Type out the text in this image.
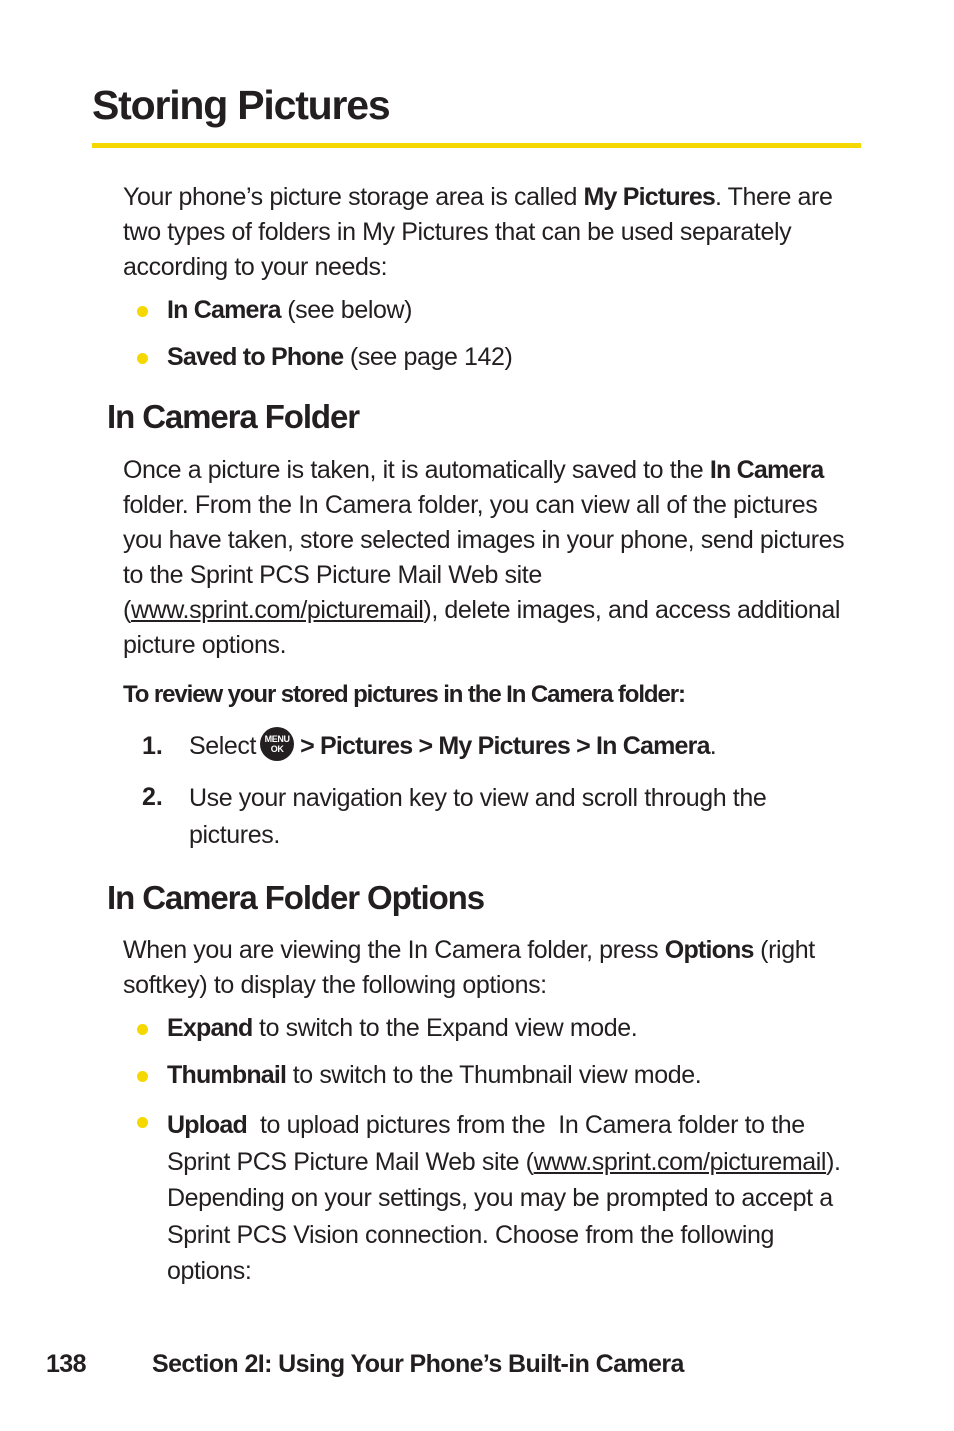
Storing Pictures

Your phone’s picture storage area is called My Pictures. There are two types of folders in My Pictures that can be used separately according to your needs:

In Camera (see below)
Saved to Phone (see page 142)
In Camera Folder

Once a picture is taken, it is automatically saved to the In Camera folder. From the In Camera folder, you can view all of the pictures you have taken, store selected images in your phone, send pictures to the Sprint PCS Picture Mail Web site (www.sprint.com/picturemail), delete images, and access additional picture options.

To review your stored pictures in the In Camera folder:
1. Select MENU
OK > Pictures > My Pictures > In Camera.
2. Use your navigation key to view and scroll through the pictures.
In Camera Folder Options

When you are viewing the In Camera folder, press Options (right softkey) to display the following options:

Expand to switch to the Expand view mode.
Thumbnail to switch to the Thumbnail view mode.

Upload  to upload pictures from the  In Camera folder to the Sprint PCS Picture Mail Web site (www.sprint.com/picturemail). Depending on your settings, you may be prompted to accept a Sprint PCS Vision connection. Choose from the following options:

138	Section 2I: Using Your Phone’s Built-in Camera
